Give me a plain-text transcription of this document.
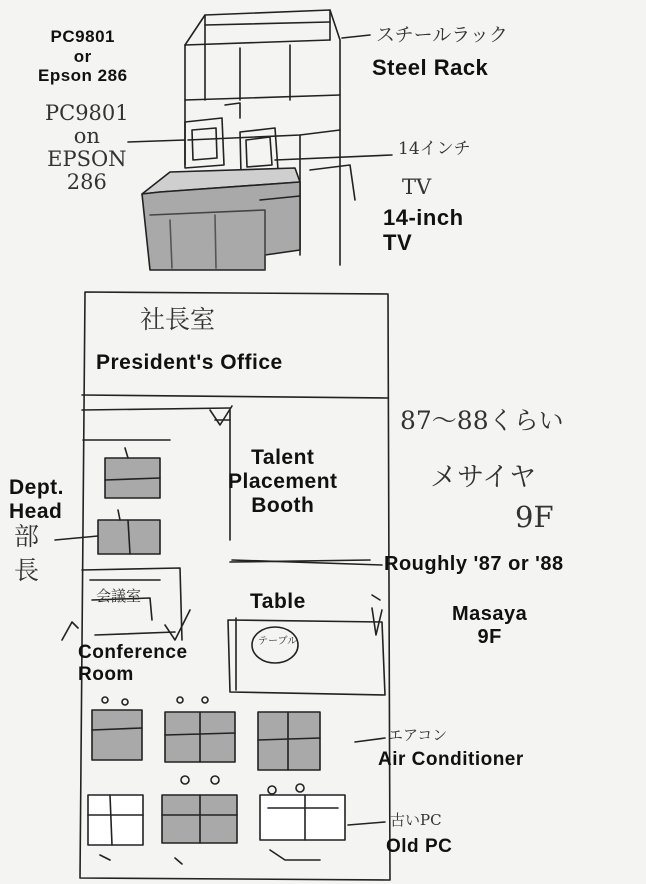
スチールラック
PC9801
on
EPSON
286
14インチ
TV
社長室
87〜88くらい
メサイヤ
9F
部
長
会議室
テーブル
エアコン
古いPC
PC9801
or
Epson 286	Steel Rack
14-inch
TV
President's Office
Talent
Placement
Booth
Dept.
Head
Roughly '87 or '88
Table
Masaya
9F
Conference
Room
Air Conditioner
Old PC
